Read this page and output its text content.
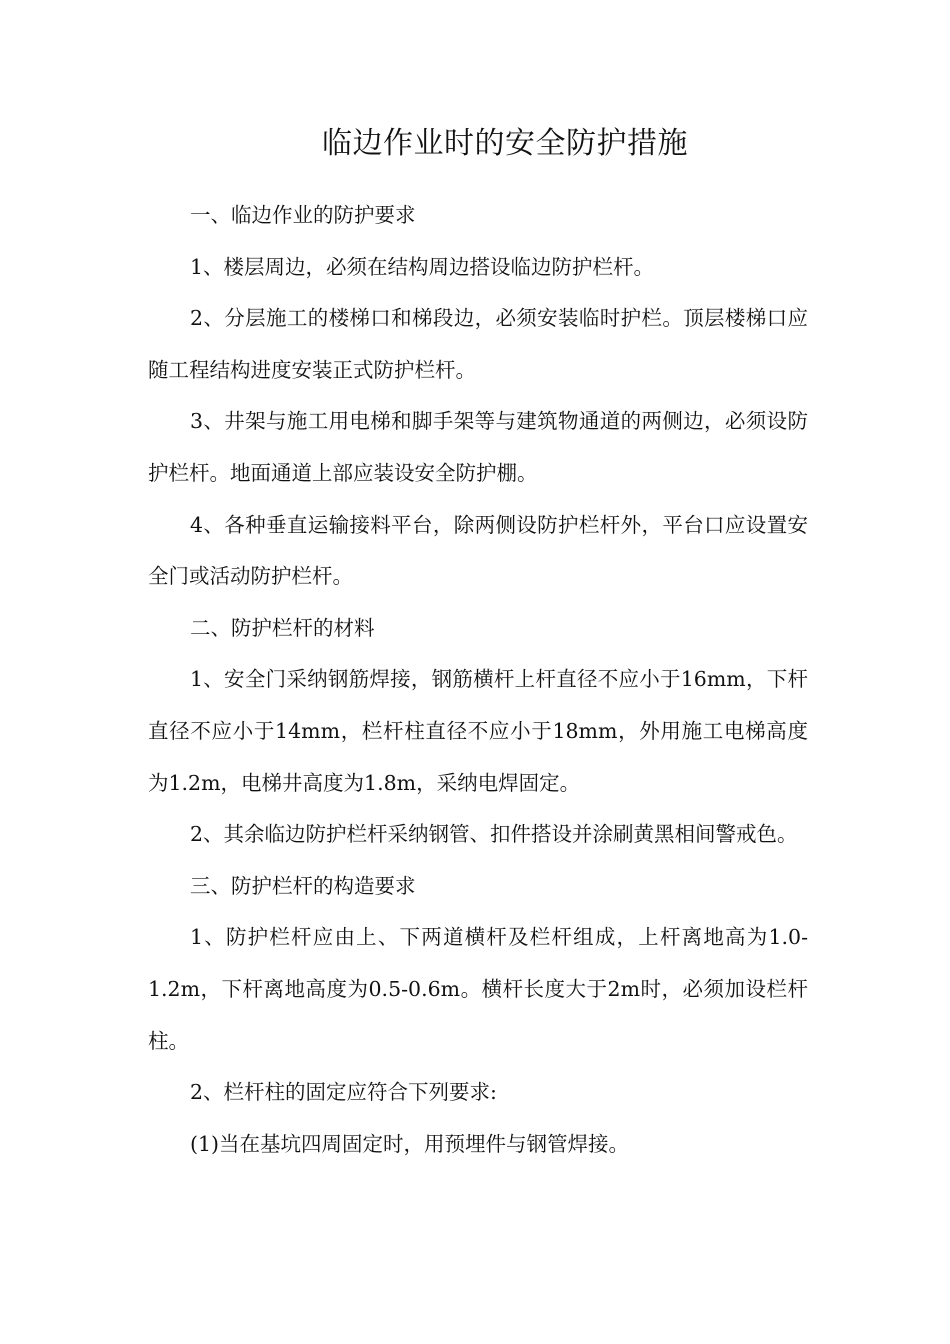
临边作业时的安全防护措施

一、临边作业的防护要求

1、楼层周边，必须在结构周边搭设临边防护栏杆。

2、分层施工的楼梯口和梯段边，必须安装临时护栏。顶层楼梯口应随工程结构进度安装正式防护栏杆。

3、井架与施工用电梯和脚手架等与建筑物通道的两侧边，必须设防护栏杆。地面通道上部应装设安全防护棚。

4、各种垂直运输接料平台，除两侧设防护栏杆外，平台口应设置安全门或活动防护栏杆。

二、防护栏杆的材料

1、安全门采纳钢筋焊接，钢筋横杆上杆直径不应小于16mm，下杆直径不应小于14mm，栏杆柱直径不应小于18mm，外用施工电梯高度为1.2m，电梯井高度为1.8m，采纳电焊固定。

2、其余临边防护栏杆采纳钢管、扣件搭设并涂刷黄黑相间警戒色。

三、防护栏杆的构造要求

1、防护栏杆应由上、下两道横杆及栏杆组成，上杆离地高为1.0-1.2m，下杆离地高度为0.5-0.6m。横杆长度大于2m时，必须加设栏杆柱。

2、栏杆柱的固定应符合下列要求:

(1)当在基坑四周固定时，用预埋件与钢管焊接。
